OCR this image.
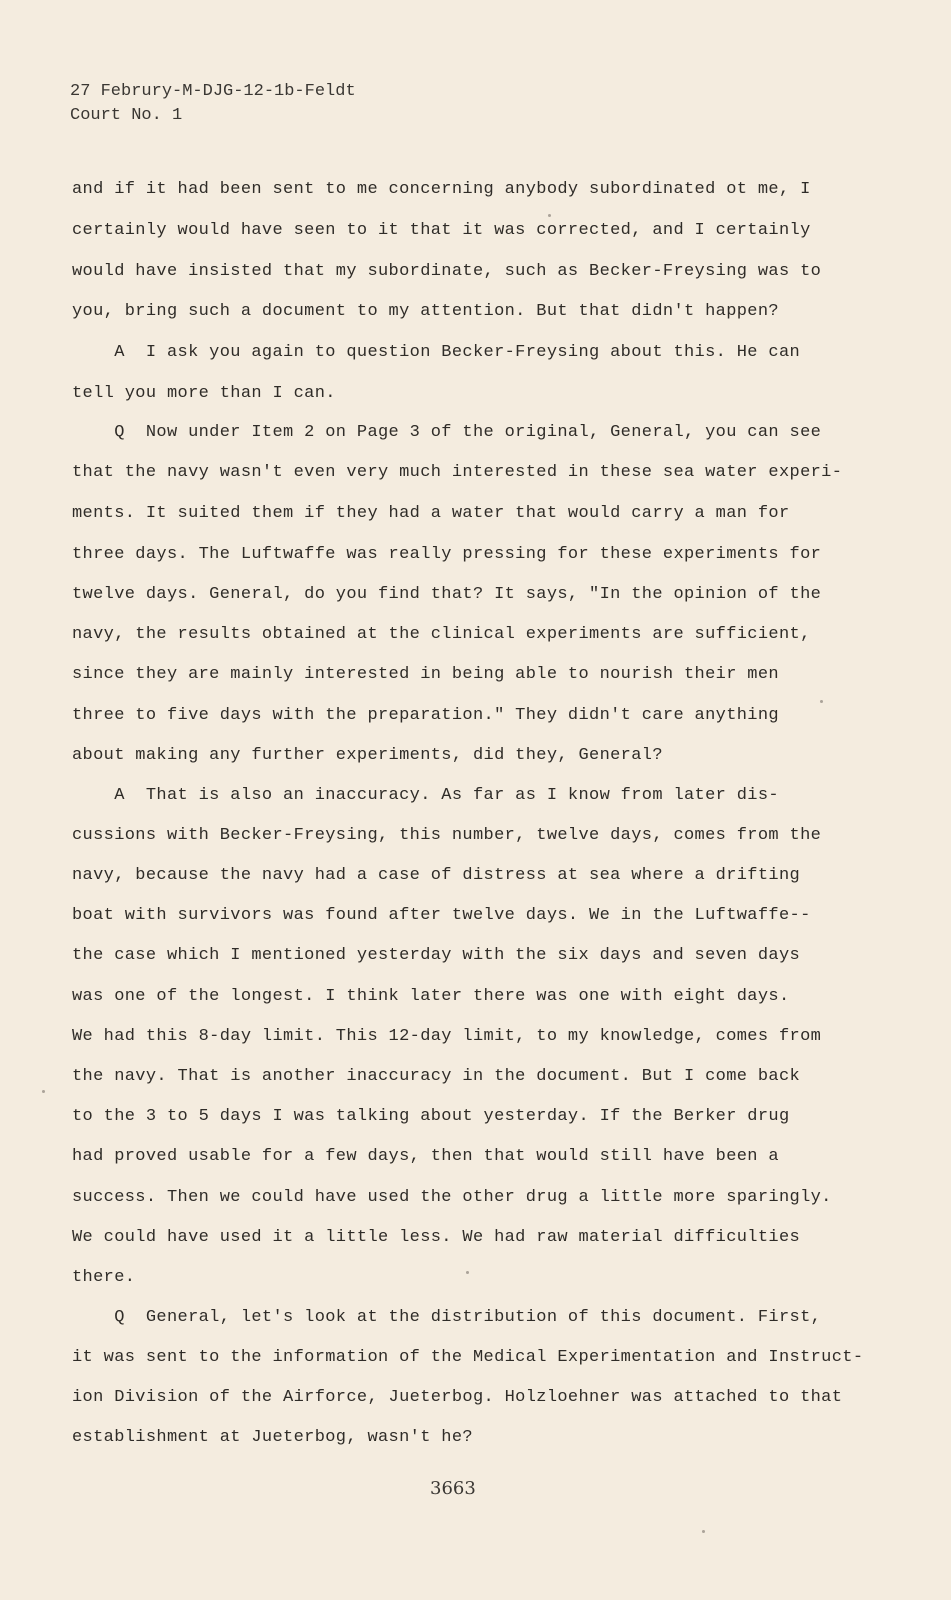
27 Februry-M-DJG-12-1b-Feldt
Court No. 1
and if it had been sent to me concerning anybody subordinated ot me, I
certainly would have seen to it that it was corrected, and I certainly
would have insisted that my subordinate, such as Becker-Freysing was to
you, bring such a document to my attention. But that didn't happen?
A  I ask you again to question Becker-Freysing about this. He can
tell you more than I can.
Q  Now under Item 2 on Page 3 of the original, General, you can see
that the navy wasn't even very much interested in these sea water experi-
ments. It suited them if they had a water that would carry a man for
three days. The Luftwaffe was really pressing for these experiments for
twelve days. General, do you find that? It says, "In the opinion of the
navy, the results obtained at the clinical experiments are sufficient,
since they are mainly interested in being able to nourish their men
three to five days with the preparation." They didn't care anything
about making any further experiments, did they, General?
A  That is also an inaccuracy. As far as I know from later dis-
cussions with Becker-Freysing, this number, twelve days, comes from the
navy, because the navy had a case of distress at sea where a drifting
boat with survivors was found after twelve days. We in the Luftwaffe--
the case which I mentioned yesterday with the six days and seven days
was one of the longest. I think later there was one with eight days.
We had this 8-day limit. This 12-day limit, to my knowledge, comes from
the navy. That is another inaccuracy in the document. But I come back
to the 3 to 5 days I was talking about yesterday. If the Berker drug
had proved usable for a few days, then that would still have been a
success. Then we could have used the other drug a little more sparingly.
We could have used it a little less. We had raw material difficulties
there.
Q  General, let's look at the distribution of this document. First,
it was sent to the information of the Medical Experimentation and Instruct-
ion Division of the Airforce, Jueterbog. Holzloehner was attached to that
establishment at Jueterbog, wasn't he?
3663
